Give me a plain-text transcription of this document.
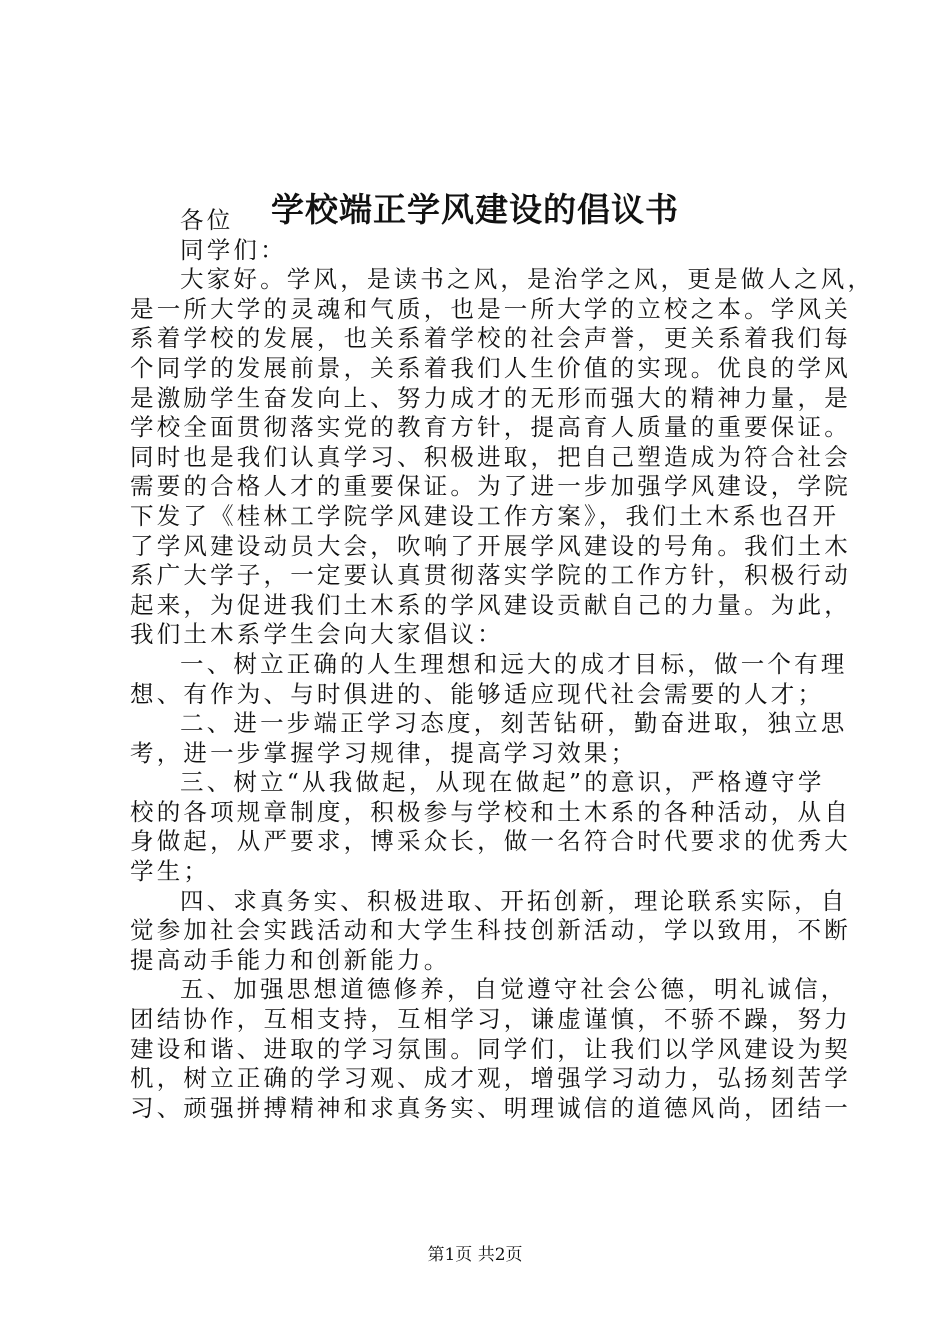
学校端正学风建设的倡议书
各位
同学们：
大家好。学风，是读书之风，是治学之风，更是做人之风，
是一所大学的灵魂和气质，也是一所大学的立校之本。学风关
系着学校的发展，也关系着学校的社会声誉，更关系着我们每
个同学的发展前景，关系着我们人生价值的实现。优良的学风
是激励学生奋发向上、努力成才的无形而强大的精神力量，是
学校全面贯彻落实党的教育方针，提高育人质量的重要保证。
同时也是我们认真学习、积极进取，把自己塑造成为符合社会
需要的合格人才的重要保证。为了进一步加强学风建设，学院
下发了《桂林工学院学风建设工作方案》，我们土木系也召开
了学风建设动员大会，吹响了开展学风建设的号角。我们土木
系广大学子，一定要认真贯彻落实学院的工作方针，积极行动
起来，为促进我们土木系的学风建设贡献自己的力量。为此，
我们土木系学生会向大家倡议：
一、树立正确的人生理想和远大的成才目标，做一个有理
想、有作为、与时俱进的、能够适应现代社会需要的人才；
二、进一步端正学习态度，刻苦钻研，勤奋进取，独立思
考，进一步掌握学习规律，提高学习效果；
三、树立“从我做起，从现在做起”的意识，严格遵守学
校的各项规章制度，积极参与学校和土木系的各种活动，从自
身做起，从严要求，博采众长，做一名符合时代要求的优秀大
学生；
四、求真务实、积极进取、开拓创新，理论联系实际，自
觉参加社会实践活动和大学生科技创新活动，学以致用，不断
提高动手能力和创新能力。
五、加强思想道德修养，自觉遵守社会公德，明礼诚信，
团结协作，互相支持，互相学习，谦虚谨慎，不骄不躁，努力
建设和谐、进取的学习氛围。同学们，让我们以学风建设为契
机，树立正确的学习观、成才观，增强学习动力，弘扬刻苦学
习、顽强拼搏精神和求真务实、明理诚信的道德风尚，团结一
第1页 共2页
